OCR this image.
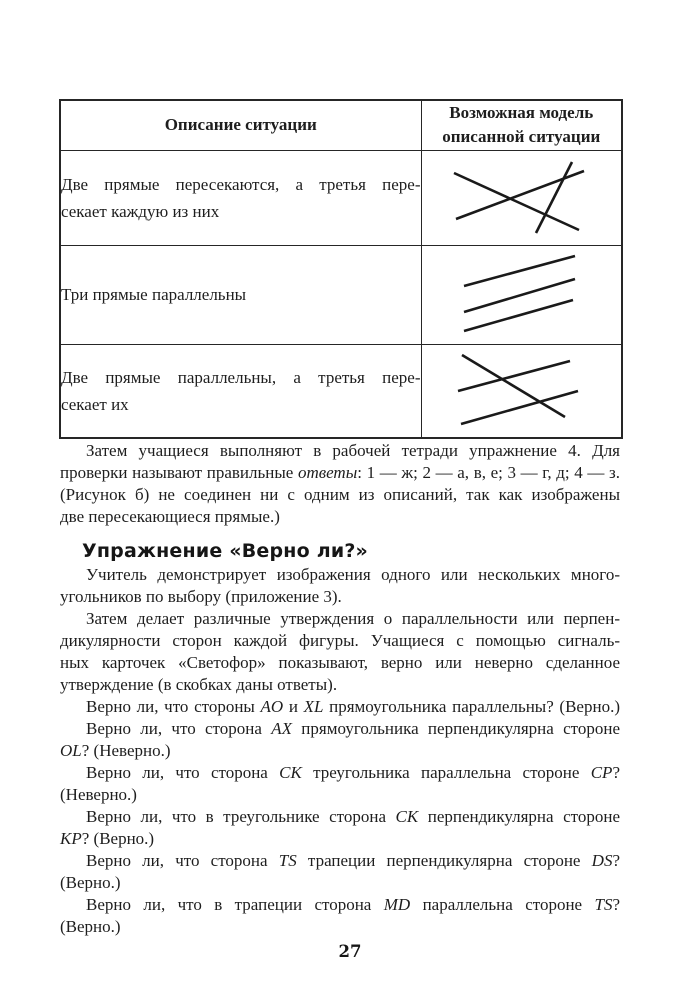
Описание ситуации	Возможная модель
описанной ситуации

Две прямые пересекаются, а третья пере-
секает каждую из них

Три прямые параллельны

Две прямые параллельны, а третья пере-
секает их

Затем учащиеся выполняют в рабочей тетради упражнение 4. Для
проверки называют правильные ответы: 1 — ж; 2 — а, в, е; 3 — г, д; 4 — з.
(Рисунок б) не соединен ни с одним из описаний, так как изображены
две пересекающиеся прямые.)
Упражнение «Верно ли?»
Учитель демонстрирует изображения одного или нескольких много-
угольников по выбору (приложение 3).
Затем делает различные утверждения о параллельности или перпен-
дикулярности сторон каждой фигуры. Учащиеся с помощью сигналь-
ных карточек «Светофор» показывают, верно или неверно сделанное
утверждение (в скобках даны ответы).
Верно ли, что стороны AO и XL прямоугольника параллельны? (Верно.)
Верно ли, что сторона AX прямоугольника перпендикулярна стороне
OL? (Неверно.)
Верно ли, что сторона CK треугольника параллельна стороне CP?
(Неверно.)
Верно ли, что в треугольнике сторона CK перпендикулярна стороне
KP? (Верно.)
Верно ли, что сторона TS трапеции перпендикулярна стороне DS?
(Верно.)
Верно ли, что в трапеции сторона MD параллельна стороне TS?
(Верно.)
27
